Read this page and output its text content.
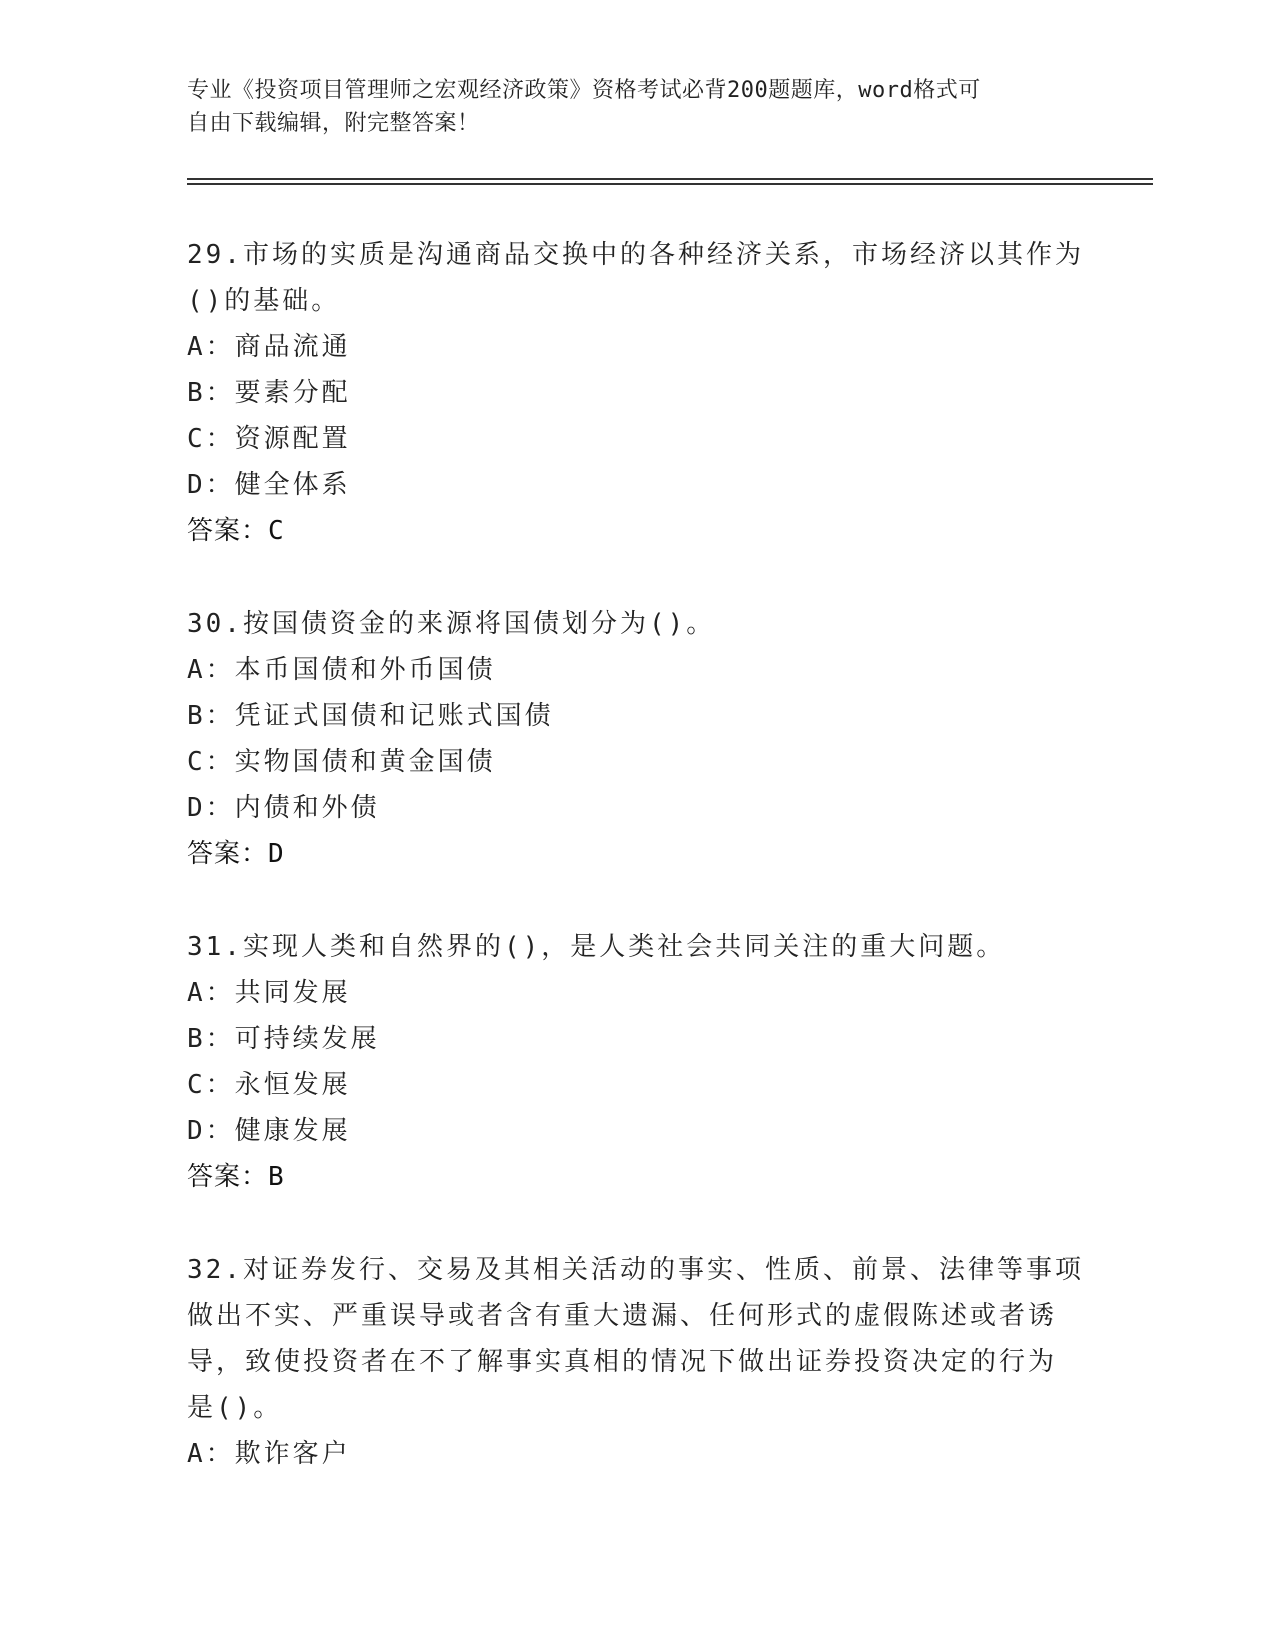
专业《投资项目管理师之宏观经济政策》资格考试必背200题题库，word格式可
自由下载编辑，附完整答案！
29.市场的实质是沟通商品交换中的各种经济关系，市场经济以其作为
()的基础。
A：商品流通
B：要素分配
C：资源配置
D：健全体系
答案：C
30.按国债资金的来源将国债划分为()。
A：本币国债和外币国债
B：凭证式国债和记账式国债
C：实物国债和黄金国债
D：内债和外债
答案：D
31.实现人类和自然界的()，是人类社会共同关注的重大问题。
A：共同发展
B：可持续发展
C：永恒发展
D：健康发展
答案：B
32.对证券发行、交易及其相关活动的事实、性质、前景、法律等事项
做出不实、严重误导或者含有重大遗漏、任何形式的虚假陈述或者诱
导，致使投资者在不了解事实真相的情况下做出证券投资决定的行为
是()。
A：欺诈客户
